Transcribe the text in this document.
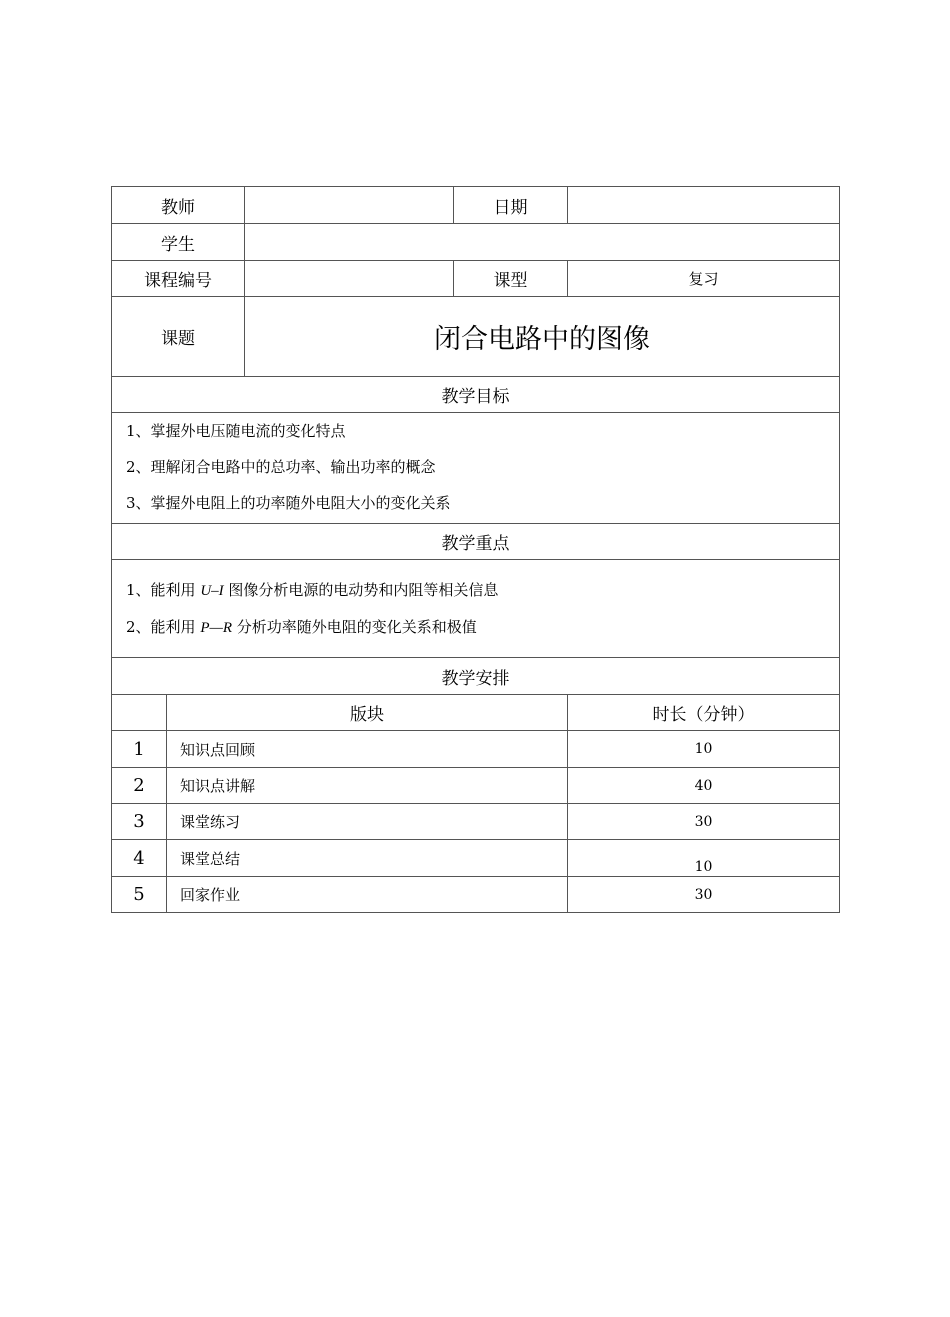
教师			日期	
学生				
课程编号			课型	复习
课题		闭合电路中的图像		
教学目标				

1、掌握外电压随电流的变化特点

2、理解闭合电路中的总功率、输出功率的概念

3、掌握外电阻上的功率随外电阻大小的变化关系				

教学重点				

1、能利用 U–I 图像分析电源的电动势和内阻等相关信息

2、能利用 P—R 分析功率随外电阻的变化关系和极值				

教学安排				
	版块			时长（分钟）
1	知识点回顾			10
2	知识点讲解			40
3	课堂练习			30
4	课堂总结			10
5	回家作业			30
